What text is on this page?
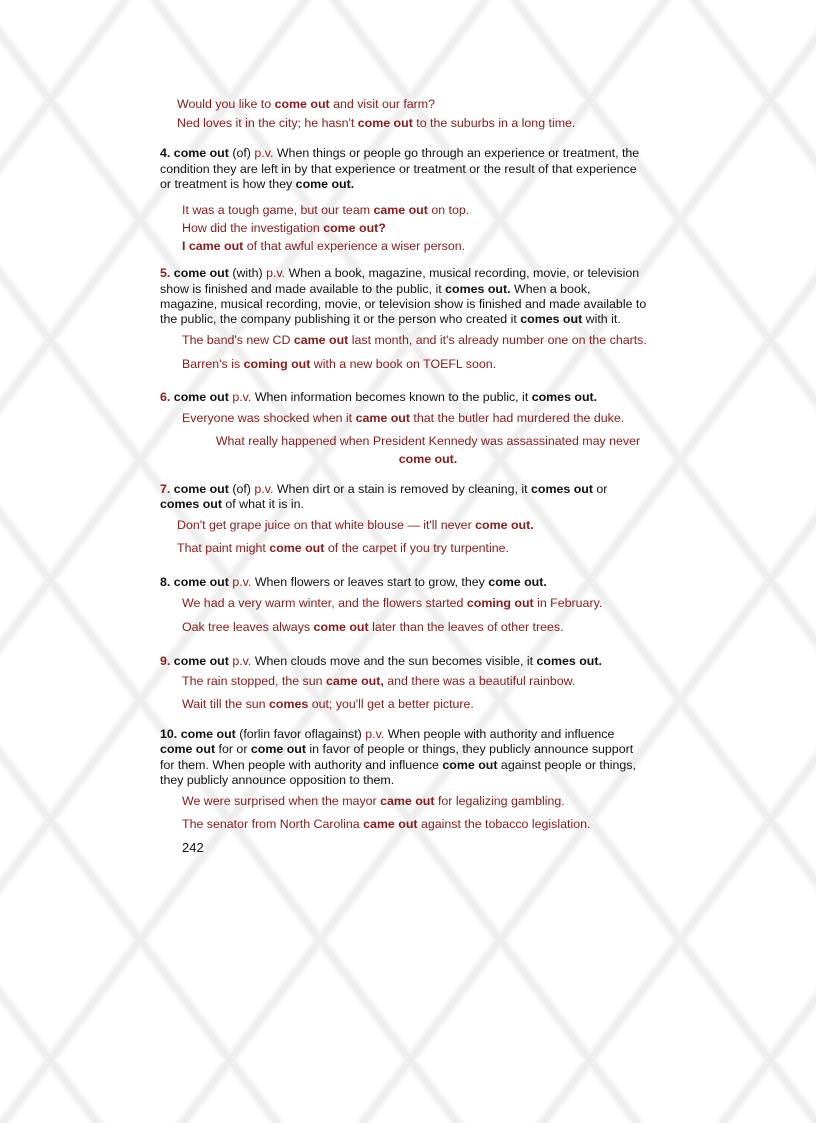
Would you like to come out and visit our farm?
Ned loves it in the city; he hasn't come out to the suburbs in a long time.
4. come out (of) p.v. When things or people go through an experience or treatment, the
condition they are left in by that experience or treatment or the result of that experience
or treatment is how they come out.
It was a tough game, but our team came out on top.
How did the investigation come out?
I came out of that awful experience a wiser person.
5. come out (with) p.v. When a book, magazine, musical recording, movie, or television
show is finished and made available to the public, it comes out. When a book,
magazine, musical recording, movie, or television show is finished and made available to
the public, the company publishing it or the person who created it comes out with it.
The band's new CD came out last month, and it's already number one on the charts.
Barren's is coming out with a new book on TOEFL soon.
6. come out p.v. When information becomes known to the public, it comes out.
Everyone was shocked when it came out that the butler had murdered the duke.
What really happened when President Kennedy was assassinated may never
come out.
7. come out (of) p.v. When dirt or a stain is removed by cleaning, it comes out or
comes out of what it is in.
Don't get grape juice on that white blouse — it'll never come out.
That paint might come out of the carpet if you try turpentine.
8. come out p.v. When flowers or leaves start to grow, they come out.
We had a very warm winter, and the flowers started coming out in February.
Oak tree leaves always come out later than the leaves of other trees.
9. come out p.v. When clouds move and the sun becomes visible, it comes out.
The rain stopped, the sun came out, and there was a beautiful rainbow.
Wait till the sun comes out; you'll get a better picture.
10. come out (forlin favor oflagainst) p.v. When people with authority and influence
come out for or come out in favor of people or things, they publicly announce support
for them. When people with authority and influence come out against people or things,
they publicly announce opposition to them.
We were surprised when the mayor came out for legalizing gambling.
The senator from North Carolina came out against the tobacco legislation.
242
